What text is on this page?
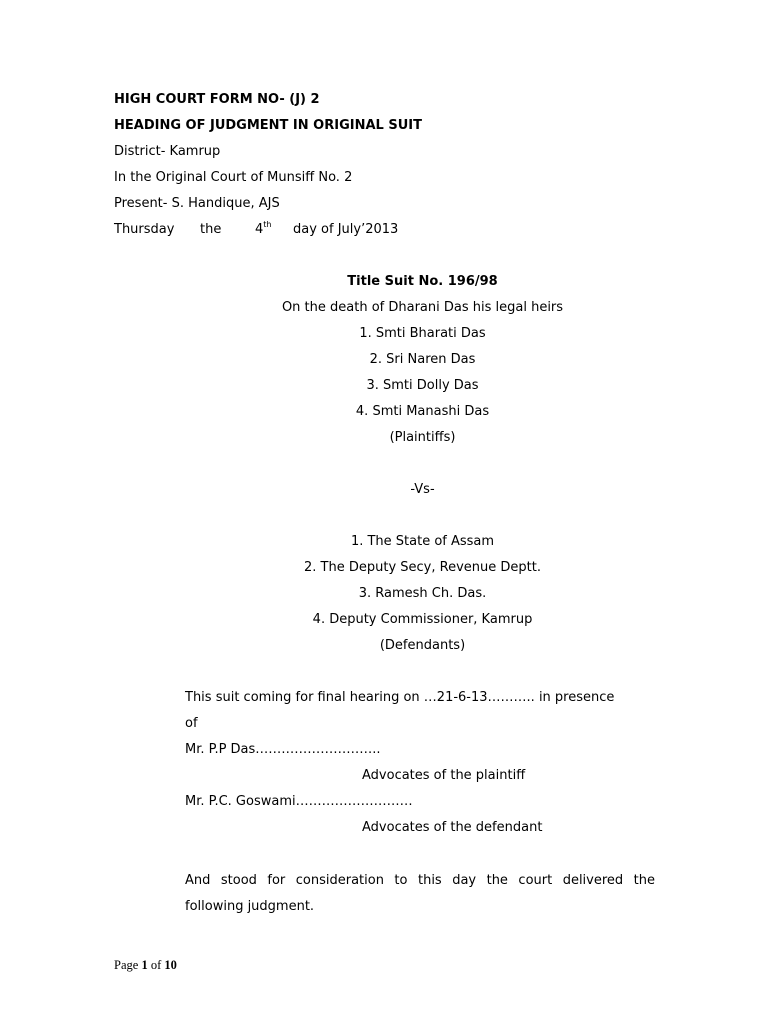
HIGH COURT FORM NO- (J) 2
HEADING OF JUDGMENT IN ORIGINAL SUIT
District- Kamrup
In the Original Court of Munsiff No. 2
Present- S. Handique, AJS
Thursday the	4th day of July’2013
Title Suit No. 196/98
On the death of Dharani Das his legal heirs
1. Smti Bharati Das
2. Sri Naren Das
3. Smti Dolly Das
4. Smti Manashi Das
(Plaintiffs)
-Vs-
1. The State of Assam
2. The Deputy Secy, Revenue Deptt.
3. Ramesh Ch. Das.
4. Deputy Commissioner, Kamrup
(Defendants)
This suit coming for final hearing on …21-6-13……….. in presence
of
Mr. P.P Das………………………..
Advocates of the plaintiff
Mr. P.C. Goswami………………………
Advocates of the defendant
And stood for consideration to this day the court delivered the
following judgment.
Page 1 of 10
